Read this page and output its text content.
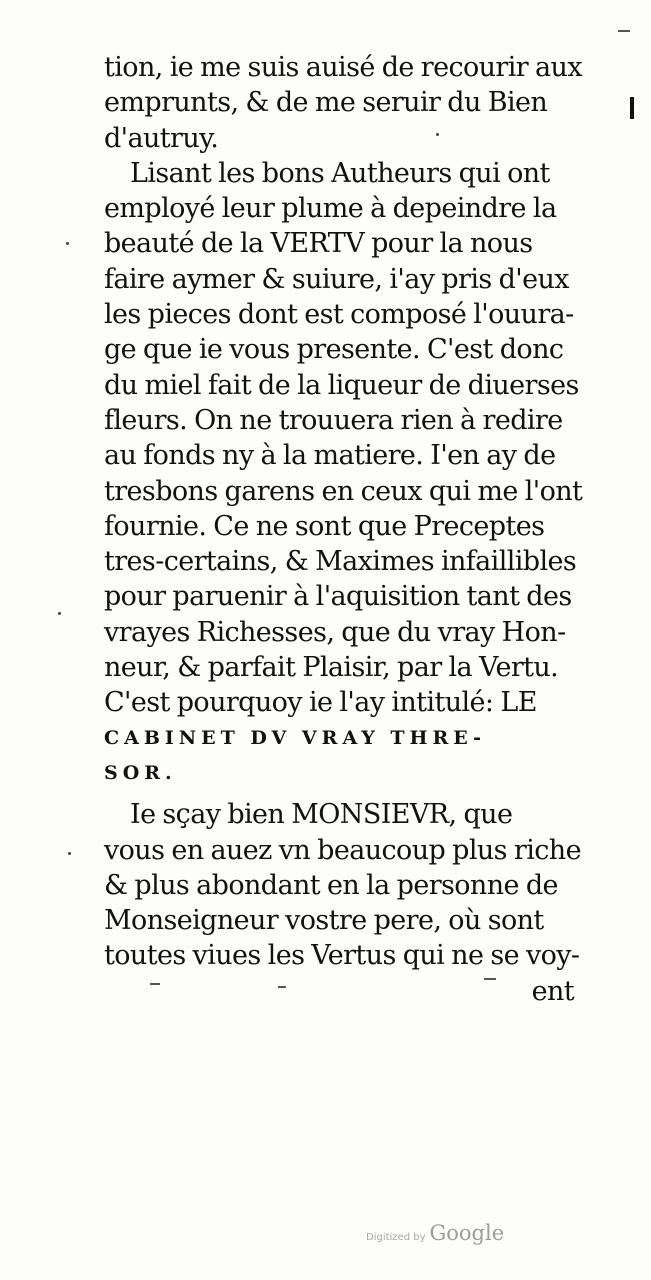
tion, ie me suis auisé de recourir aux
emprunts, & de me seruir du Bien
d'autruy.
Lisant les bons Autheurs qui ont
employé leur plume à depeindre la
beauté de la VERTV pour la nous
faire aymer & suiure, i'ay pris d'eux
les pieces dont est composé l'ouura-
ge que ie vous presente. C'est donc
du miel fait de la liqueur de diuerses
fleurs. On ne trouuera rien à redire
au fonds ny à la matiere. I'en ay de
tresbons garens en ceux qui me l'ont
fournie. Ce ne sont que Preceptes
tres-certains, & Maximes infaillibles
pour paruenir à l'aquisition tant des
vrayes Richesses, que du vray Hon-
neur, & parfait Plaisir, par la Vertu.
C'est pourquoy ie l'ay intitulé: LE
CABINET DV VRAY THRE-
SOR.
Ie sçay bien MONSIEVR, que
vous en auez vn beaucoup plus riche
& plus abondant en la personne de
Monseigneur vostre pere, où sont
toutes viues les Vertus qui ne se voy-
ent
Digitized by Google
